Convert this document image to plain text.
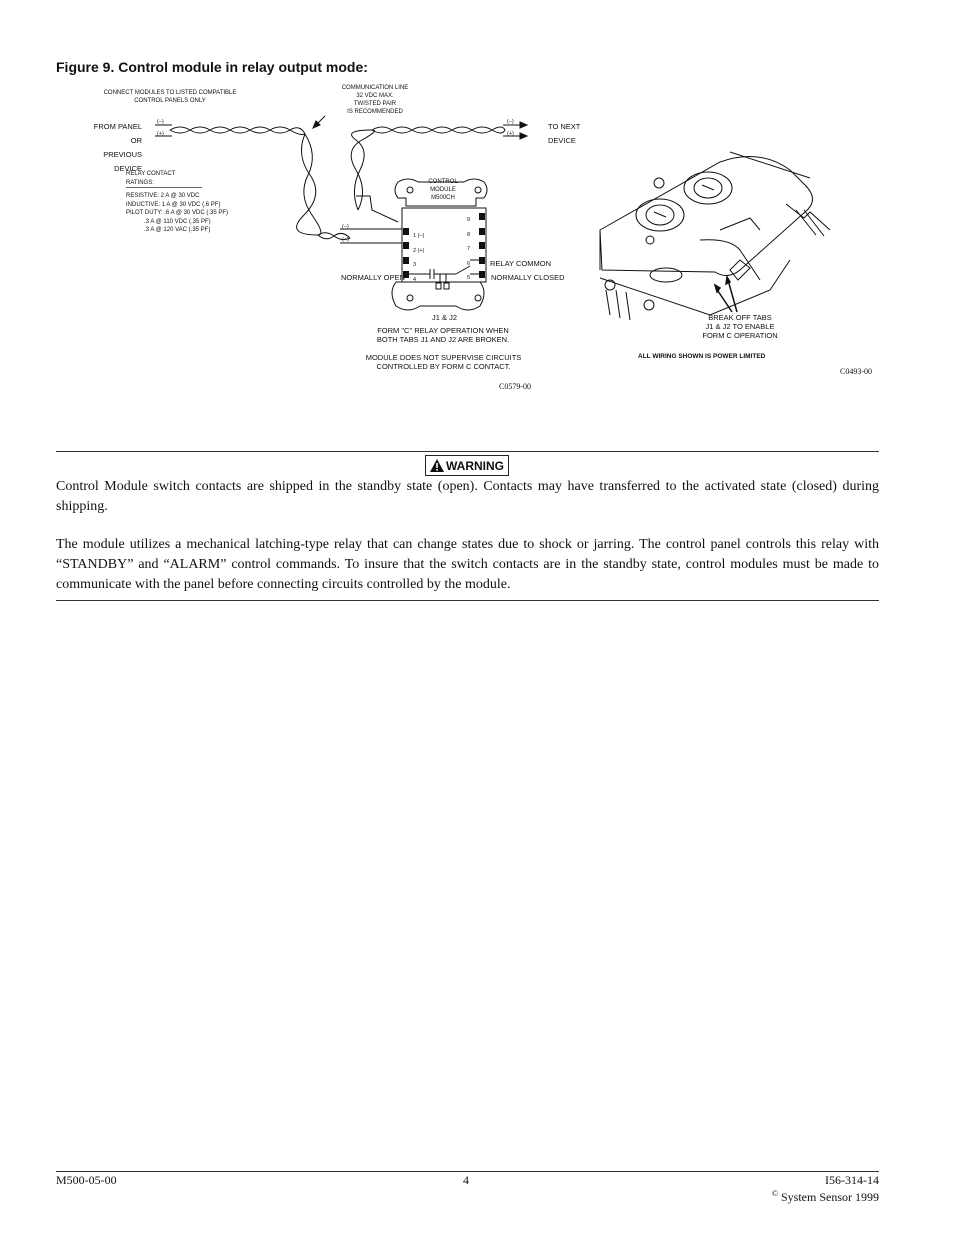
Figure 9. Control module in relay output mode:
CONNECT MODULES TO LISTED COMPATIBLE
CONTROL PANELS ONLY
COMMUNICATION LINE
32 VDC MAX.
TWISTED PAIR
IS RECOMMENDED
FROM PANEL OR
PREVIOUS DEVICE
(–)
(+)
(–)
(+)
TO NEXT
DEVICE
(–)
(+)
RELAY CONTACT RATINGS:
RESISTIVE: 2 A @ 30 VDC
INDUCTIVE: 1 A @ 30 VDC (.6 PF)
PILOT DUTY: .6 A @ 30 VDC (.35 PF)
.3 A @ 110 VDC (.35 PF)
.3 A @ 120 VAC (.35 PF)
CONTROL
MODULE
M500CH
1 (–)
2 (+)
3
4
9
8
7
6
5
NORMALLY OPEN
RELAY COMMON
NORMALLY CLOSED
J1 & J2
FORM "C" RELAY OPERATION WHEN
BOTH TABS J1 AND J2 ARE BROKEN.
MODULE DOES NOT SUPERVISE CIRCUITS
CONTROLLED BY FORM C CONTACT.
C0579-00
BREAK OFF TABS
J1 & J2 TO ENABLE
FORM C OPERATION
ALL WIRING SHOWN IS POWER LIMITED
C0493-00
WARNING
Control Module switch contacts are shipped in the standby state (open). Contacts may have transferred to the activated state (closed) during shipping.
The module utilizes a mechanical latching-type relay that can change states due to shock or jarring. The control panel controls this relay with “STANDBY” and “ALARM” control commands. To insure that the switch contacts are in the standby state, control modules must be made to communicate with the panel before connecting circuits controlled by the module.
M500-05-00	4	I56-314-14
© System Sensor 1999
